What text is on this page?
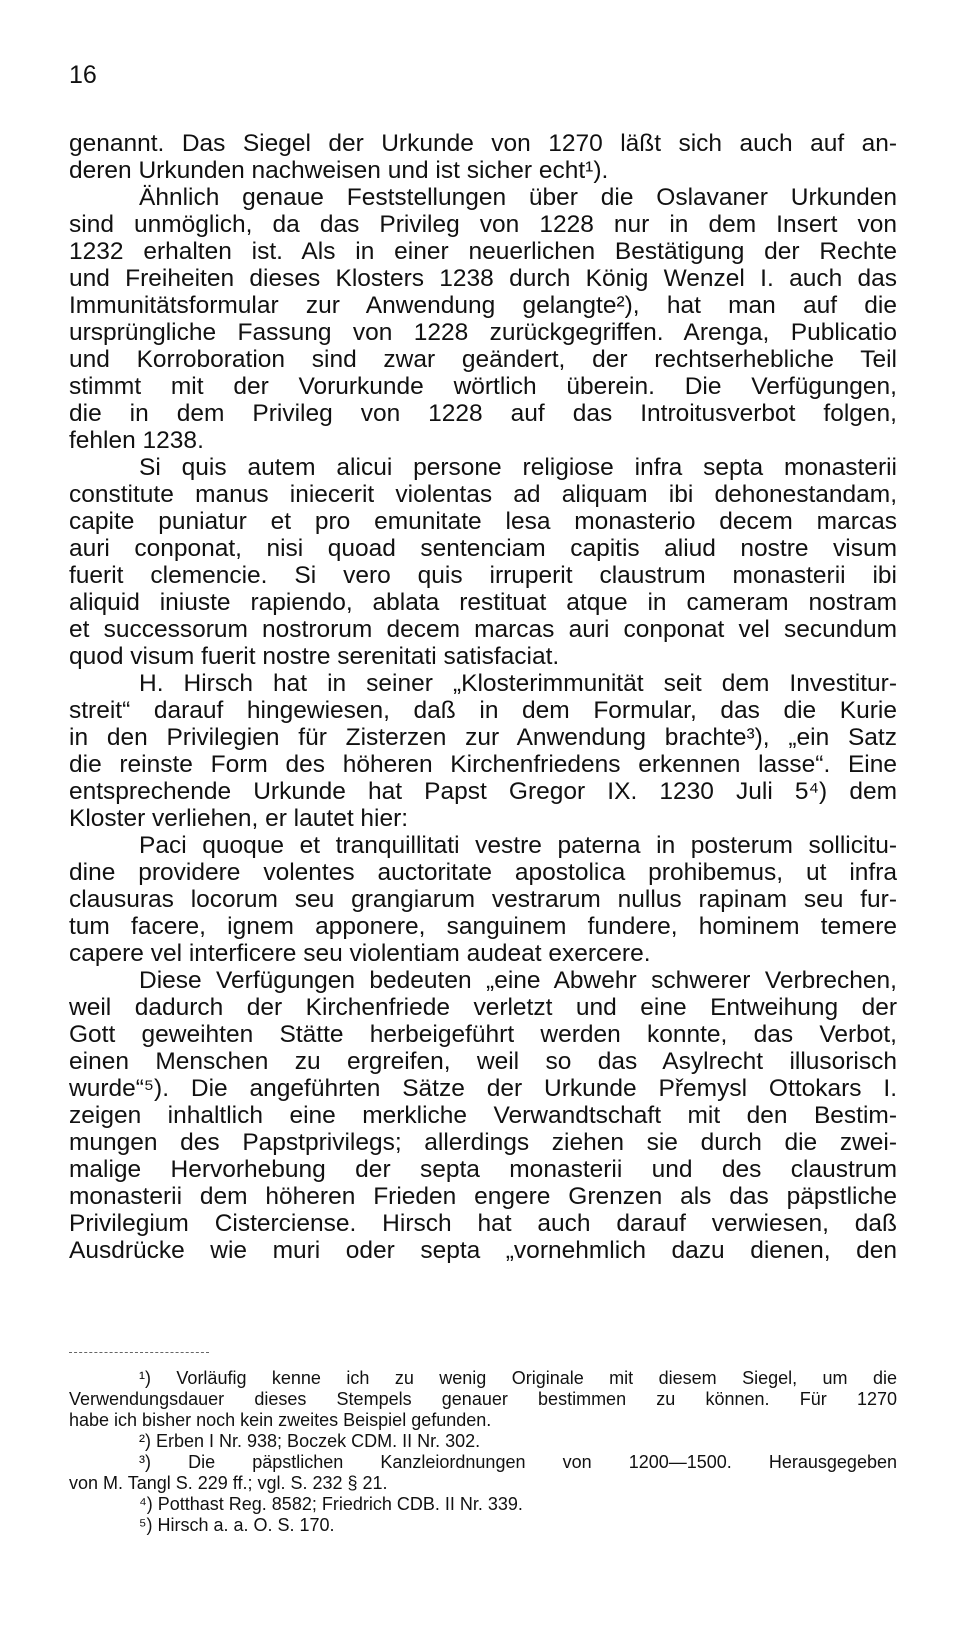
16
genannt. Das Siegel der Urkunde von 1270 läßt sich auch auf an-
deren Urkunden nachweisen und ist sicher echt¹).
Ähnlich genaue Feststellungen über die Oslavaner Urkunden
sind unmöglich, da das Privileg von 1228 nur in dem Insert von
1232 erhalten ist. Als in einer neuerlichen Bestätigung der Rechte
und Freiheiten dieses Klosters 1238 durch König Wenzel I. auch das
Immunitätsformular zur Anwendung gelangte²), hat man auf die
ursprüngliche Fassung von 1228 zurückgegriffen. Arenga, Publicatio
und Korroboration sind zwar geändert, der rechtserhebliche Teil
stimmt mit der Vorurkunde wörtlich überein. Die Verfügungen,
die in dem Privileg von 1228 auf das Introitusverbot folgen,
fehlen 1238.
Si quis autem alicui persone religiose infra septa monasterii
constitute manus iniecerit violentas ad aliquam ibi dehonestandam,
capite puniatur et pro emunitate lesa monasterio decem marcas
auri conponat, nisi quoad sentenciam capitis aliud nostre visum
fuerit clemencie. Si vero quis irruperit claustrum monasterii ibi
aliquid iniuste rapiendo, ablata restituat atque in cameram nostram
et successorum nostrorum decem marcas auri conponat vel secundum
quod visum fuerit nostre serenitati satisfaciat.
H. Hirsch hat in seiner „Klosterimmunität seit dem Investitur-
streit“ darauf hingewiesen, daß in dem Formular, das die Kurie
in den Privilegien für Zisterzen zur Anwendung brachte³), „ein Satz
die reinste Form des höheren Kirchenfriedens erkennen lasse“. Eine
entsprechende Urkunde hat Papst Gregor IX. 1230 Juli 5⁴) dem
Kloster verliehen, er lautet hier:
Paci quoque et tranquillitati vestre paterna in posterum sollicitu-
dine providere volentes auctoritate apostolica prohibemus, ut infra
clausuras locorum seu grangiarum vestrarum nullus rapinam seu fur-
tum facere, ignem apponere, sanguinem fundere, hominem temere
capere vel interficere seu violentiam audeat exercere.
Diese Verfügungen bedeuten „eine Abwehr schwerer Verbrechen,
weil dadurch der Kirchenfriede verletzt und eine Entweihung der
Gott geweihten Stätte herbeigeführt werden konnte, das Verbot,
einen Menschen zu ergreifen, weil so das Asylrecht illusorisch
wurde“⁵). Die angeführten Sätze der Urkunde Přemysl Ottokars I.
zeigen inhaltlich eine merkliche Verwandtschaft mit den Bestim-
mungen des Papstprivilegs; allerdings ziehen sie durch die zwei-
malige Hervorhebung der septa monasterii und des claustrum
monasterii dem höheren Frieden engere Grenzen als das päpstliche
Privilegium Cisterciense. Hirsch hat auch darauf verwiesen, daß
Ausdrücke wie muri oder septa „vornehmlich dazu dienen, den
¹) Vorläufig kenne ich zu wenig Originale mit diesem Siegel, um die
Verwendungsdauer dieses Stempels genauer bestimmen zu können. Für 1270
habe ich bisher noch kein zweites Beispiel gefunden.
²) Erben I Nr. 938; Boczek CDM. II Nr. 302.
³) Die päpstlichen Kanzleiordnungen von 1200—1500. Herausgegeben
von M. Tangl S. 229 ff.; vgl. S. 232 § 21.
⁴) Potthast Reg. 8582; Friedrich CDB. II Nr. 339.
⁵) Hirsch a. a. O. S. 170.
